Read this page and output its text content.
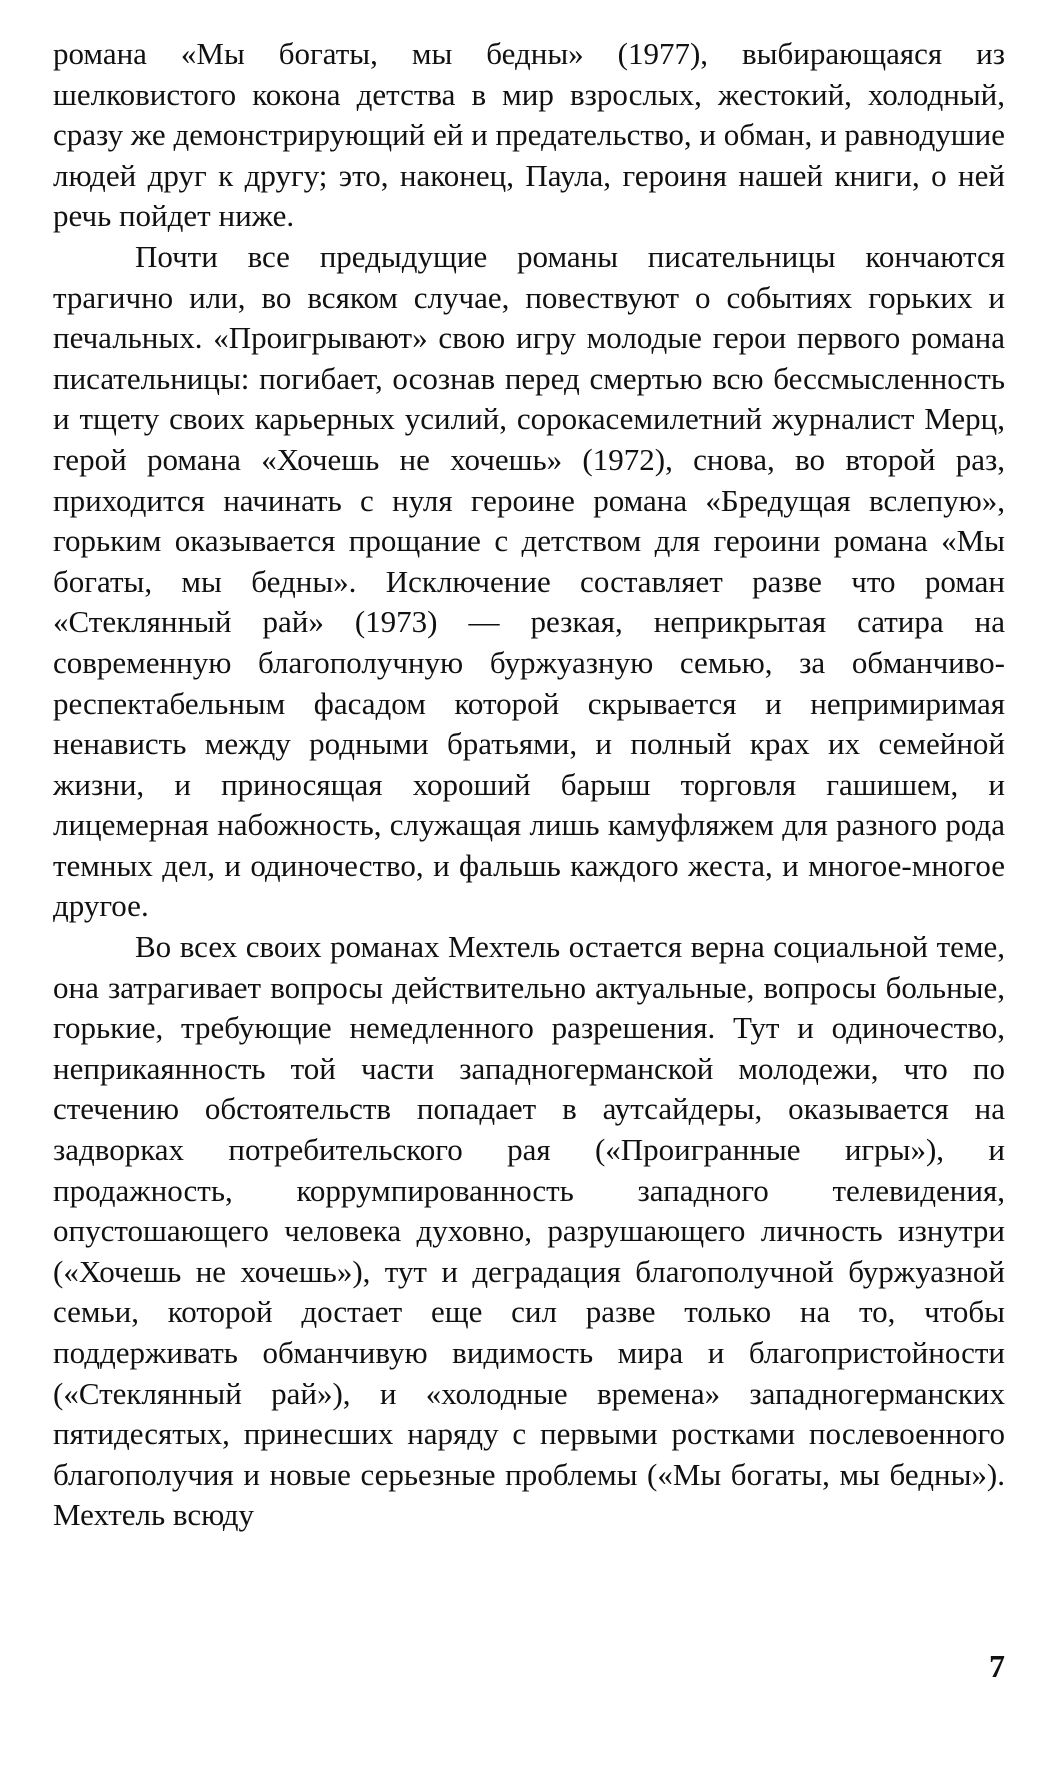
романа «Мы богаты, мы бедны» (1977), выбирающаяся из шелковистого кокона детства в мир взрослых, жестокий, холодный, сразу же демонстрирующий ей и предательство, и обман, и равнодушие людей друг к другу; это, наконец, Паула, героиня нашей книги, о ней речь пойдет ниже.

Почти все предыдущие романы писательницы кончаются трагично или, во всяком случае, повествуют о событиях горьких и печальных. «Проигрывают» свою игру молодые герои первого романа писательницы: погибает, осознав перед смертью всю бессмысленность и тщету своих карьерных усилий, сорокасемилетний журналист Мерц, герой романа «Хочешь не хочешь» (1972), снова, во второй раз, приходится начинать с нуля героине романа «Бредущая вслепую», горьким оказывается прощание с детством для героини романа «Мы богаты, мы бедны». Исключение составляет разве что роман «Стеклянный рай» (1973) — резкая, неприкрытая сатира на современную благополучную буржуазную семью, за обманчиво-респектабельным фасадом которой скрывается и непримиримая ненависть между родными братьями, и полный крах их семейной жизни, и приносящая хороший барыш торговля гашишем, и лицемерная набожность, служащая лишь камуфляжем для разного рода темных дел, и одиночество, и фальшь каждого жеста, и многое-многое другое.

Во всех своих романах Мехтель остается верна социальной теме, она затрагивает вопросы действительно актуальные, вопросы больные, горькие, требующие немедленного разрешения. Тут и одиночество, неприкаянность той части западногерманской молодежи, что по стечению обстоятельств попадает в аутсайдеры, оказывается на задворках потребительского рая («Проигранные игры»), и продажность, коррумпированность западного телевидения, опустошающего человека духовно, разрушающего личность изнутри («Хочешь не хочешь»), тут и деградация благополучной буржуазной семьи, которой достает еще сил разве только на то, чтобы поддерживать обманчивую видимость мира и благопристойности («Стеклянный рай»), и «холодные времена» западногерманских пятидесятых, принесших наряду с первыми ростками послевоенного благополучия и новые серьезные проблемы («Мы богаты, мы бедны»). Мехтель всюду

7
